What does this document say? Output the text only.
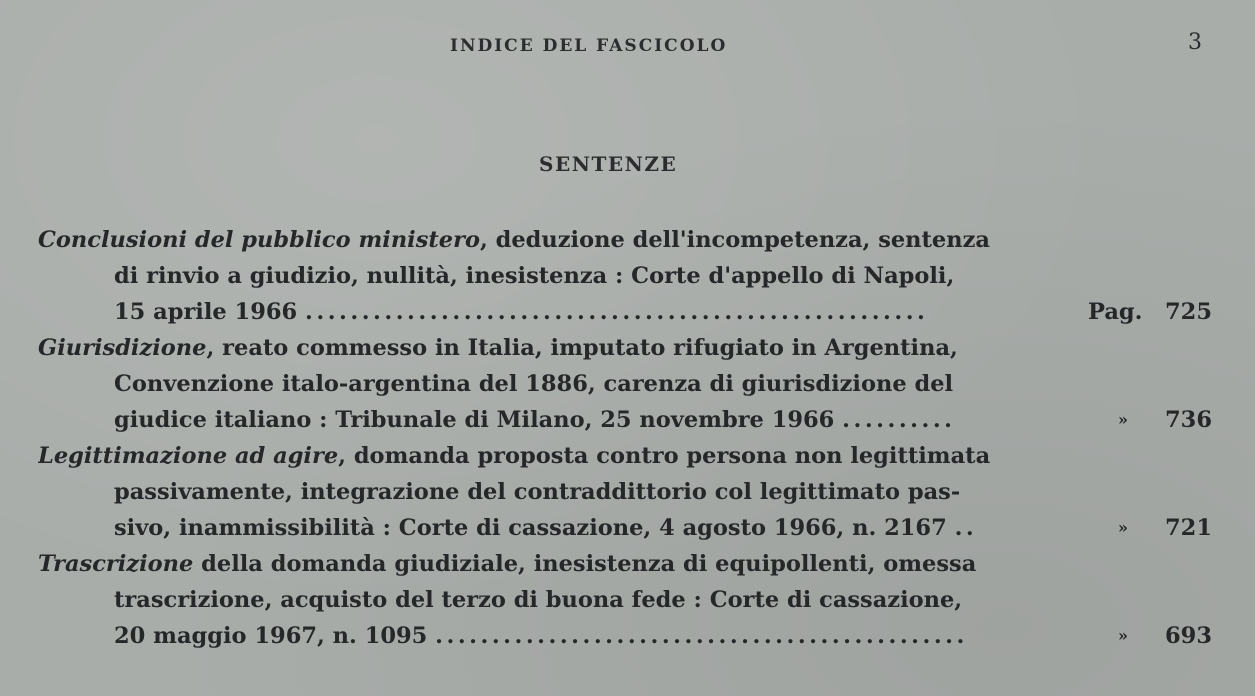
INDICE DEL FASCICOLO	3
SENTENZE
Conclusioni del pubblico ministero, deduzione dell'incompetenza, sentenza
di rinvio a giudizio, nullità, inesistenza : Corte d'appello di Napoli,
15 aprile 1966 .......................................................	Pag. 725
Giurisdizione, reato commesso in Italia, imputato rifugiato in Argentina,
Convenzione italo-argentina del 1886, carenza di giurisdizione del
giudice italiano : Tribunale di Milano, 25 novembre 1966 ..........	» 736
Legittimazione ad agire, domanda proposta contro persona non legittimata
passivamente, integrazione del contraddittorio col legittimato pas-
sivo, inammissibilità : Corte di cassazione, 4 agosto 1966, n. 2167 ..	» 721
Trascrizione della domanda giudiziale, inesistenza di equipollenti, omessa
trascrizione, acquisto del terzo di buona fede : Corte di cassazione,
20 maggio 1967, n. 1095 ...............................................	» 693
